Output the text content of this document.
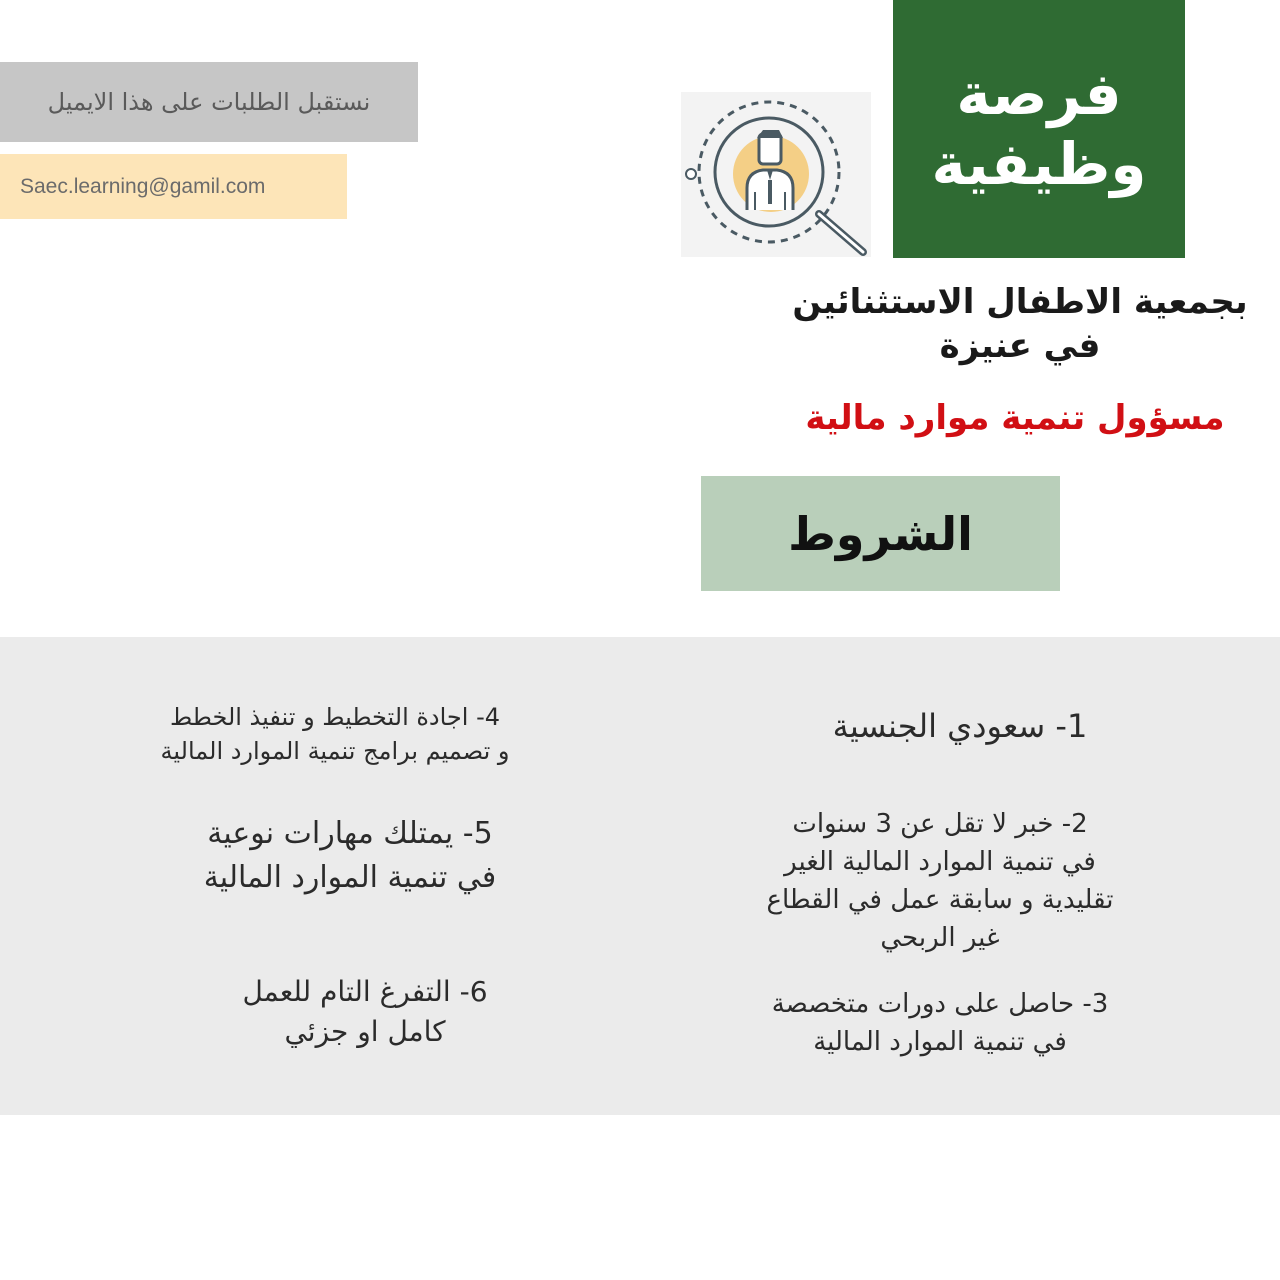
فرصة
وظيفية
نستقبل الطلبات على هذا الايميل
Saec.learning@gamil.com
بجمعية الاطفال الاستثنائين
في عنيزة
مسؤول تنمية موارد مالية
الشروط
1- سعودي الجنسية
2- خبر لا تقل عن 3 سنوات
في تنمية الموارد المالية الغير
تقليدية و سابقة عمل في القطاع
غير الربحي
3- حاصل على دورات متخصصة
في تنمية الموارد المالية
4- اجادة التخطيط و تنفيذ الخطط
و تصميم برامج تنمية الموارد المالية
5- يمتلك مهارات نوعية
في تنمية الموارد المالية
6- التفرغ التام للعمل
كامل او جزئي
